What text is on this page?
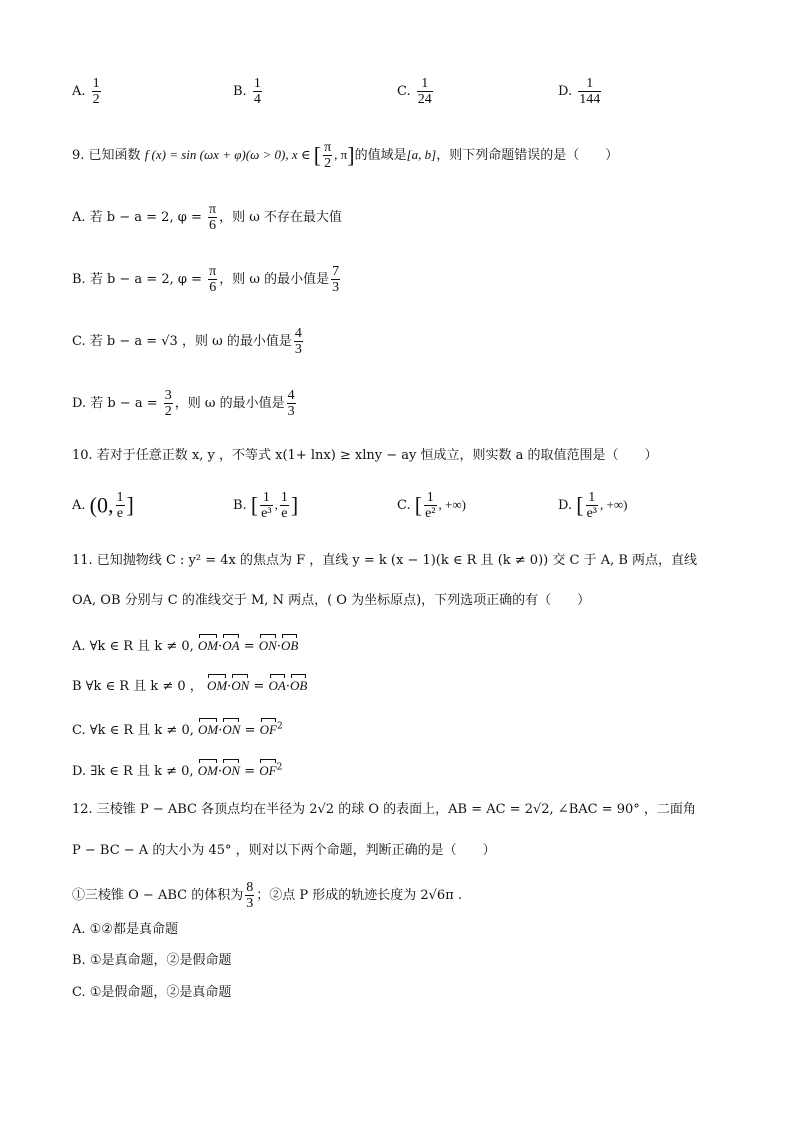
A. $\frac{1}{2}$	B. $\frac{1}{4}$	C. $\frac{1}{24}$	D. $\frac{1}{144}$
9. 已知函数 f (x) = sin (ωx + φ)(ω > 0), x ∈ [ $\frac{\pi}{2}$ , π]的值域是[a, b]，则下列命题错误的是（　　）
A. 若 b − a = 2, $\varphi = \frac{\pi}{6}$ ，则 ω 不存在最大值
B. 若 b − a = 2, $\varphi = \frac{\pi}{6}$ ，则 ω 的最小值是 $\frac{7}{3}$
C. 若 b − a = √3 ，则 ω 的最小值是 $\frac{4}{3}$
D. 若 $b - a = \frac{3}{2}$ ，则 ω 的最小值是 $\frac{4}{3}$
10. 若对于任意正数 x, y ，不等式 x(1+ lnx) ≥ xlny − ay 恒成立，则实数 a 的取值范围是（　　）
A. (0, $\frac{1}{e}$ ]	B. [ $\frac{1}{\text{e³}}$ , $\frac{1}{e}$ ]	C. [ $\frac{1}{\text{e²}}$ , +∞)	D. [ $\frac{1}{\text{e³}}$ , +∞)
11. 已知抛物线 C : y² = 4x 的焦点为 F ，直线 y = k (x − 1)(k ∈ R 且 (k ≠ 0)) 交 C 于 A, B 两点，直线
OA, OB 分别与 C 的准线交于 M, N 两点，( O 为坐标原点)，下列选项正确的有（　　）
A. ∀k ∈ R 且 k ≠ 0, OM·OA = ON·OB
B ∀k ∈ R 且 k ≠ 0 ， OM·ON = OA·OB
C. ∀k ∈ R 且 k ≠ 0, $OM\cdot ON = OF^2$
D. ∃k ∈ R 且 k ≠ 0, $OM\cdot ON = OF^2$
12. 三棱锥 P − ABC 各顶点均在半径为 2√2 的球 O 的表面上，AB = AC = 2√2, ∠BAC = 90° ，二面角
P − BC − A 的大小为 45° ，则对以下两个命题，判断正确的是（　　）
①三棱锥 O − ABC 的体积为 $\frac{8}{3}$ ；②点 P 形成的轨迹长度为 2√6π .
A. ①②都是真命题
B. ①是真命题，②是假命题
C. ①是假命题，②是真命题
